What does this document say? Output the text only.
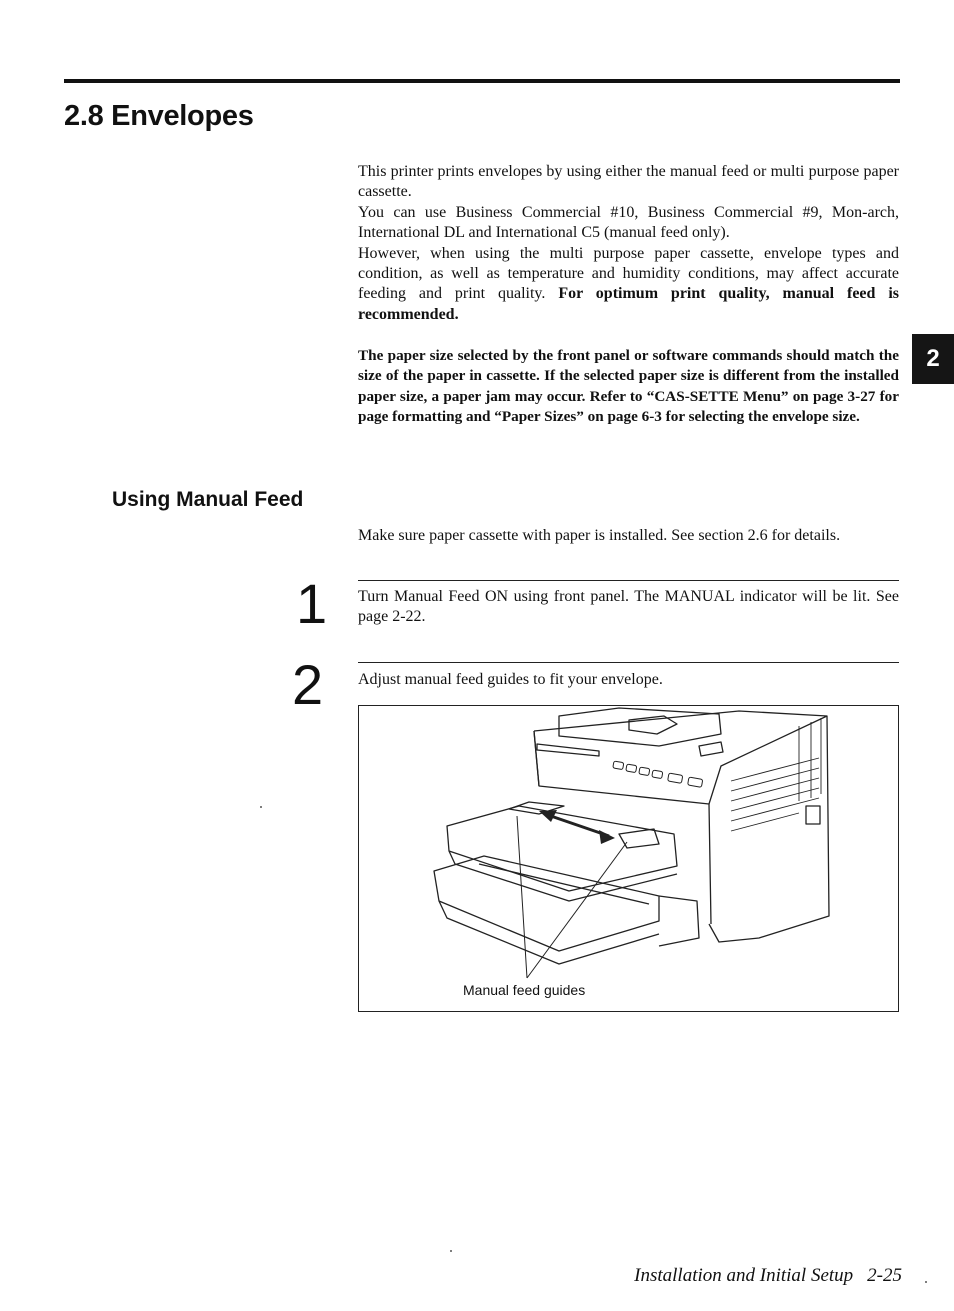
2.8 Envelopes
This printer prints envelopes by using either the manual feed or multi purpose paper cassette.
You can use Business Commercial #10, Business Commercial #9, Mon-arch, International DL and International C5 (manual feed only).
However, when using the multi purpose paper cassette, envelope types and condition, as well as temperature and humidity conditions, may affect accurate feeding and print quality. For optimum print quality, manual feed is recommended.

The paper size selected by the front panel or software commands should match the size of the paper in cassette. If the selected paper size is different from the installed paper size, a paper jam may occur. Refer to “CAS-SETTE Menu” on page 3-27 for page formatting and “Paper Sizes” on page 6-3 for selecting the envelope size.

2
Using Manual Feed

Make sure paper cassette with paper is installed. See section 2.6 for details.

1 Turn Manual Feed ON using front panel. The MANUAL indicator will be lit. See page 2-22.

2 Adjust manual feed guides to fit your envelope.

Manual feed guides
Installation and Initial Setup 2-25
